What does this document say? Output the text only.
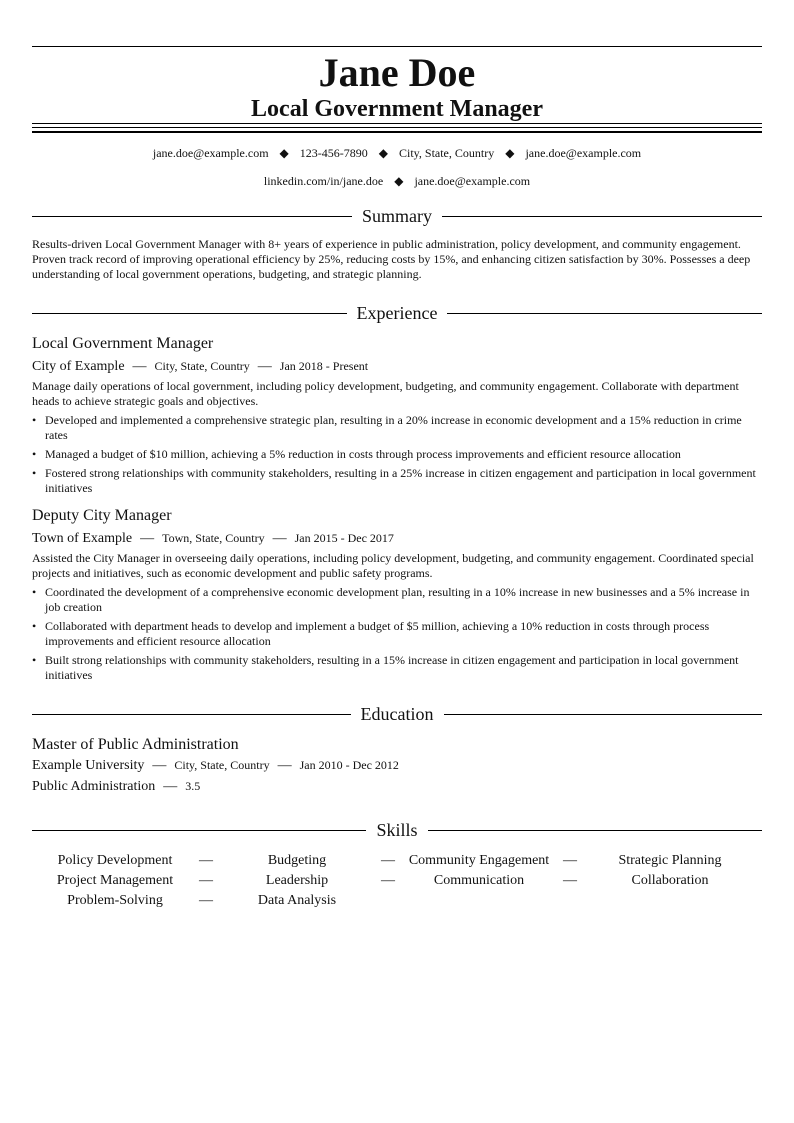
Jane Doe
Local Government Manager
jane.doe@example.com ◆ 123-456-7890 ◆ City, State, Country ◆ jane.doe@example.com
linkedin.com/in/jane.doe ◆ jane.doe@example.com
Summary
Results-driven Local Government Manager with 8+ years of experience in public administration, policy development, and community engagement. Proven track record of improving operational efficiency by 25%, reducing costs by 15%, and enhancing citizen satisfaction by 30%. Possesses a deep understanding of local government operations, budgeting, and strategic planning.
Experience
Local Government Manager
City of Example — City, State, Country — Jan 2018 - Present
Manage daily operations of local government, including policy development, budgeting, and community engagement. Collaborate with department heads to achieve strategic goals and objectives.
• Developed and implemented a comprehensive strategic plan, resulting in a 20% increase in economic development and a 15% reduction in crime rates
• Managed a budget of $10 million, achieving a 5% reduction in costs through process improvements and efficient resource allocation
• Fostered strong relationships with community stakeholders, resulting in a 25% increase in citizen engagement and participation in local government initiatives
Deputy City Manager
Town of Example — Town, State, Country — Jan 2015 - Dec 2017
Assisted the City Manager in overseeing daily operations, including policy development, budgeting, and community engagement. Coordinated special projects and initiatives, such as economic development and public safety programs.
• Coordinated the development of a comprehensive economic development plan, resulting in a 10% increase in new businesses and a 5% increase in job creation
• Collaborated with department heads to develop and implement a budget of $5 million, achieving a 10% reduction in costs through process improvements and efficient resource allocation
• Built strong relationships with community stakeholders, resulting in a 15% increase in citizen engagement and participation in local government initiatives
Education
Master of Public Administration
Example University — City, State, Country — Jan 2010 - Dec 2012
Public Administration — 3.5
Skills
Policy Development	—	Budgeting	— Community Engagement —	Strategic Planning
Project Management	—	Leadership	—	Communication	—	Collaboration
Problem-Solving	—	Data Analysis
